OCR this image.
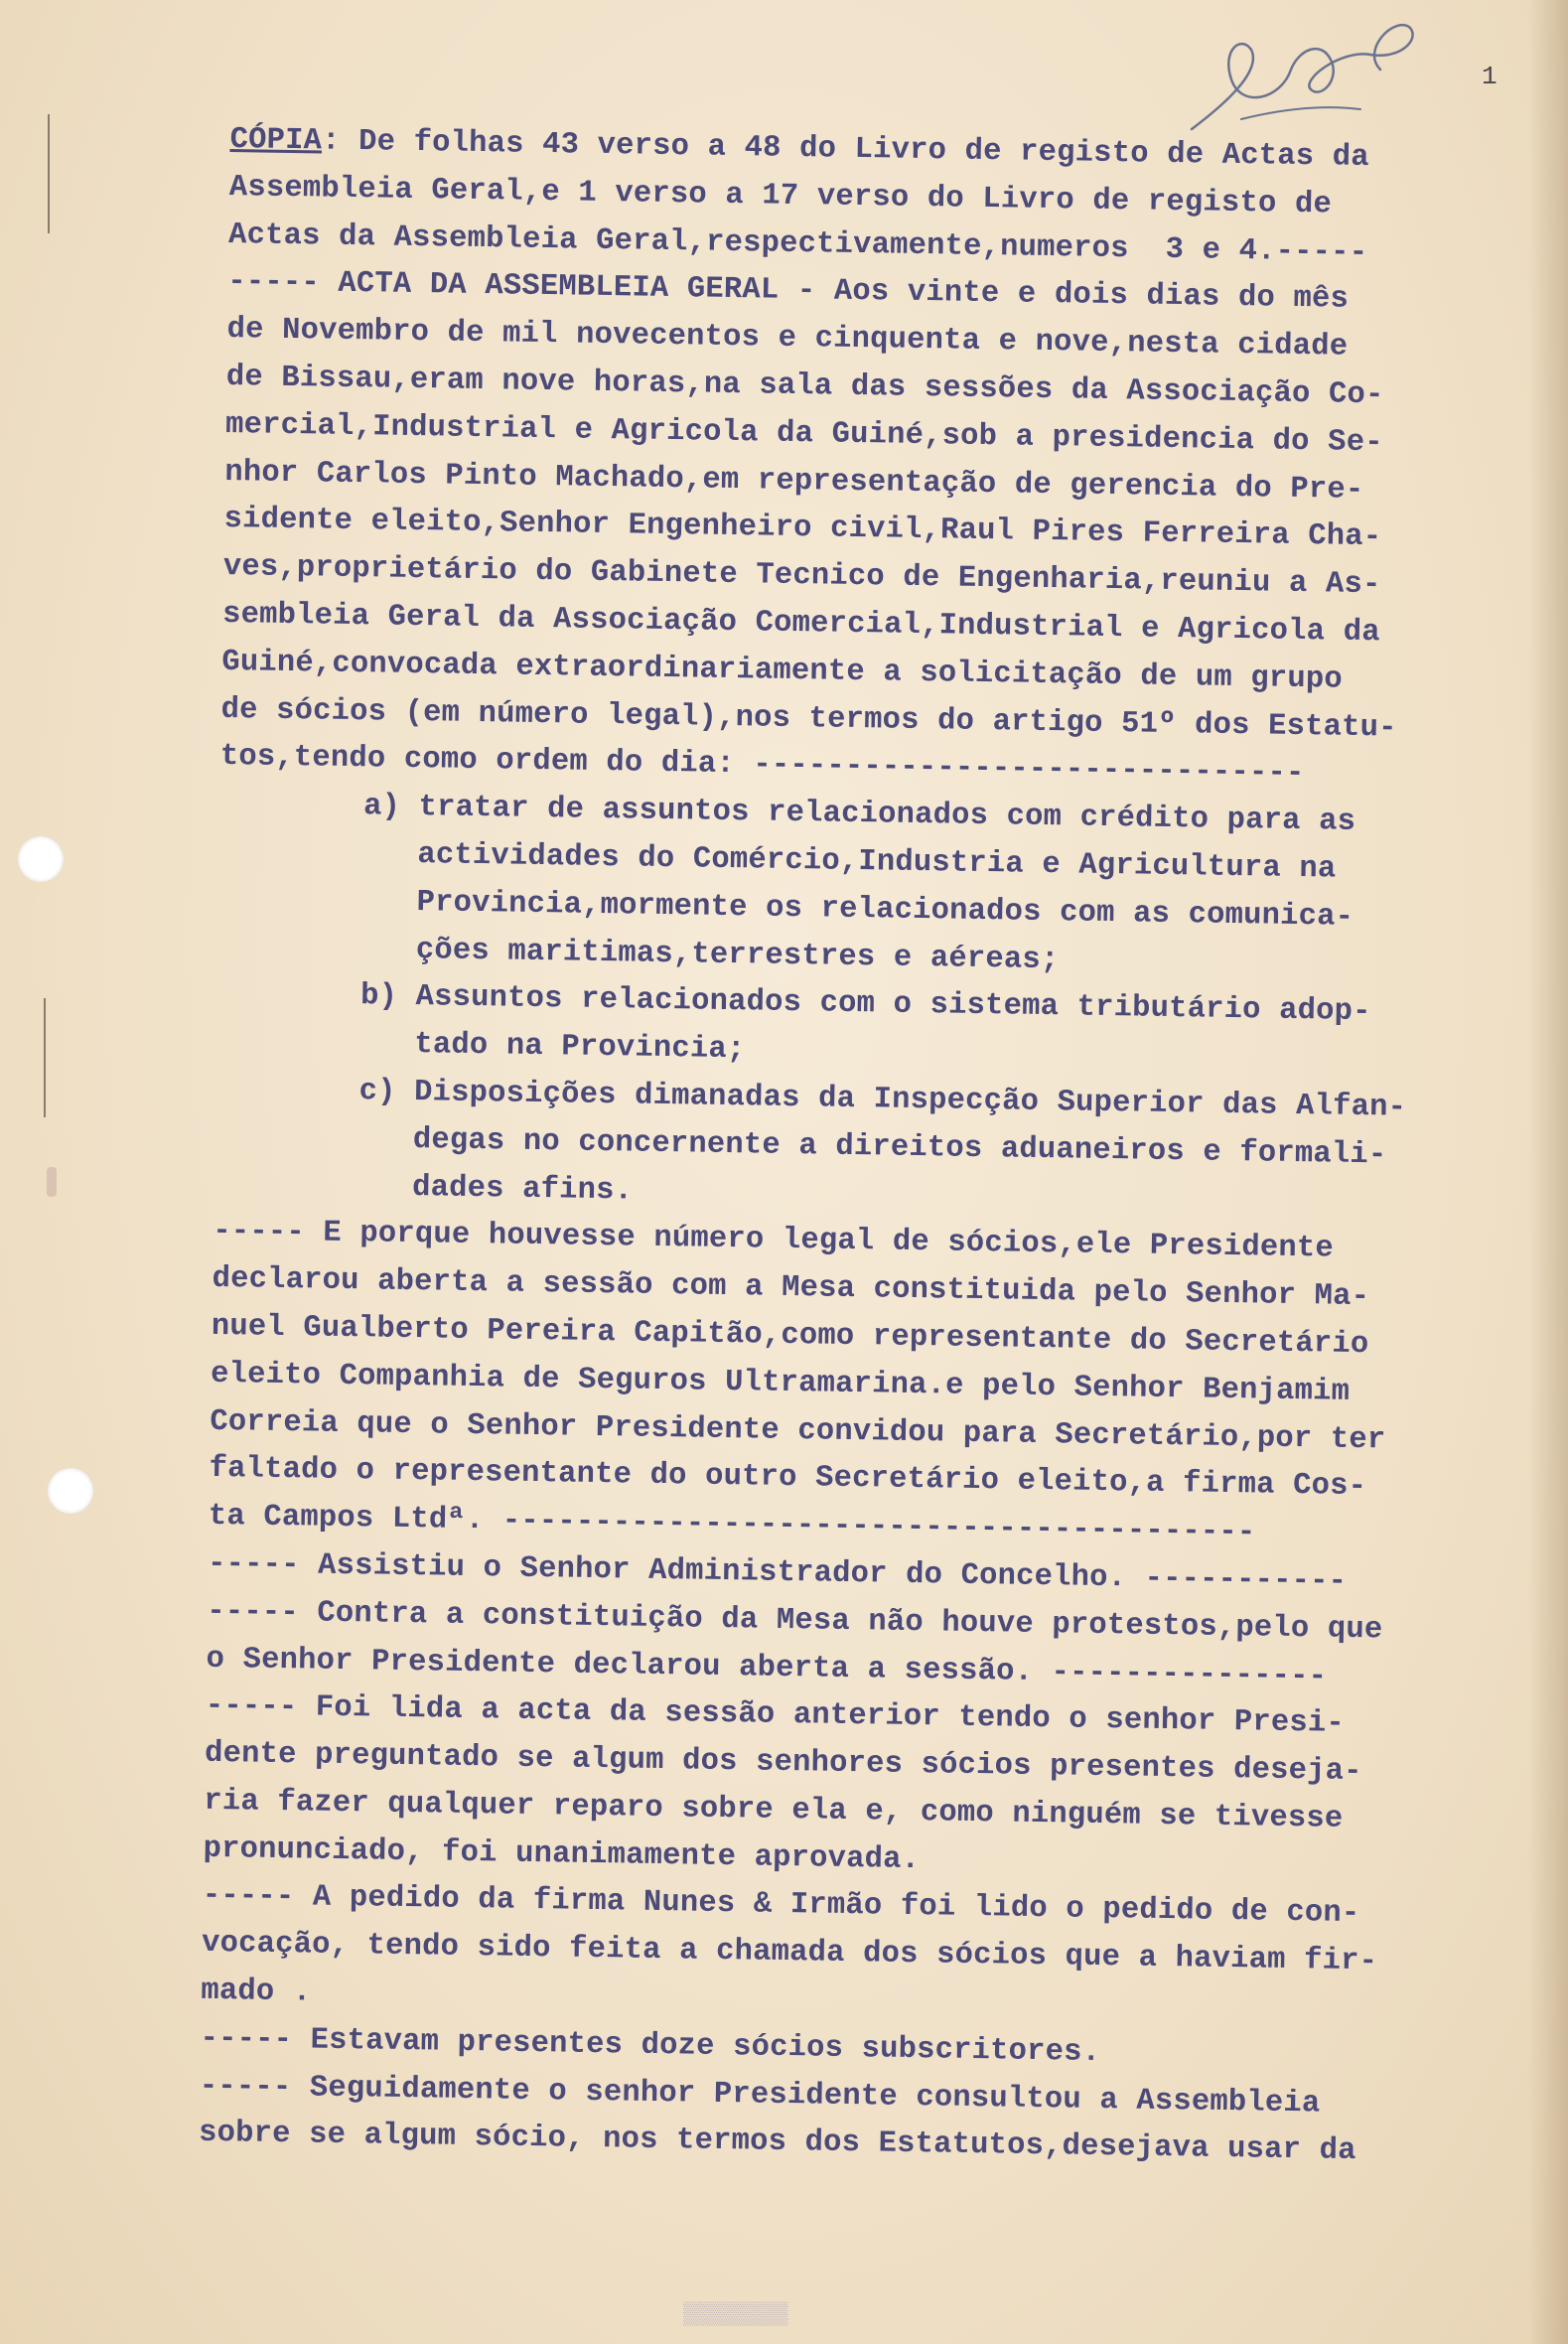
1
CÓPIA: De folhas 43 verso a 48 do Livro de registo de Actas da
Assembleia Geral,e 1 verso a 17 verso do Livro de registo de
Actas da Assembleia Geral,respectivamente,numeros  3 e 4.-----
----- ACTA DA ASSEMBLEIA GERAL - Aos vinte e dois dias do mês
de Novembro de mil novecentos e cinquenta e nove,nesta cidade
de Bissau,eram nove horas,na sala das sessões da Associação Co-
mercial,Industrial e Agricola da Guiné,sob a presidencia do Se-
nhor Carlos Pinto Machado,em representação de gerencia do Pre-
sidente eleito,Senhor Engenheiro civil,Raul Pires Ferreira Cha-
ves,proprietário do Gabinete Tecnico de Engenharia,reuniu a As-
sembleia Geral da Associação Comercial,Industrial e Agricola da
Guiné,convocada extraordinariamente a solicitação de um grupo
de sócios (em número legal),nos termos do artigo 51º dos Estatu-
tos,tendo como ordem do dia: ------------------------------
a) tratar de assuntos relacionados com crédito para as
actividades do Comércio,Industria e Agricultura na
Provincia,mormente os relacionados com as comunica-
ções maritimas,terrestres e aéreas;
b) Assuntos relacionados com o sistema tributário adop-
tado na Provincia;
c) Disposições dimanadas da Inspecção Superior das Alfan-
degas no concernente a direitos aduaneiros e formali-
dades afins.
----- E porque houvesse número legal de sócios,ele Presidente
declarou aberta a sessão com a Mesa constituida pelo Senhor Ma-
nuel Gualberto Pereira Capitão,como representante do Secretário
eleito Companhia de Seguros Ultramarina.e pelo Senhor Benjamim
Correia que o Senhor Presidente convidou para Secretário,por ter
faltado o representante do outro Secretário eleito,a firma Cos-
ta Campos Ltdª. -----------------------------------------
----- Assistiu o Senhor Administrador do Concelho. -----------
----- Contra a constituição da Mesa não houve protestos,pelo que
o Senhor Presidente declarou aberta a sessão. ---------------
----- Foi lida a acta da sessão anterior tendo o senhor Presi-
dente preguntado se algum dos senhores sócios presentes deseja-
ria fazer qualquer reparo sobre ela e, como ninguém se tivesse
pronunciado, foi unanimamente aprovada.
----- A pedido da firma Nunes & Irmão foi lido o pedido de con-
vocação, tendo sido feita a chamada dos sócios que a haviam fir-
mado .
----- Estavam presentes doze sócios subscritores.
----- Seguidamente o senhor Presidente consultou a Assembleia
sobre se algum sócio, nos termos dos Estatutos,desejava usar da
▒▒▒▒▒▒▒▒
